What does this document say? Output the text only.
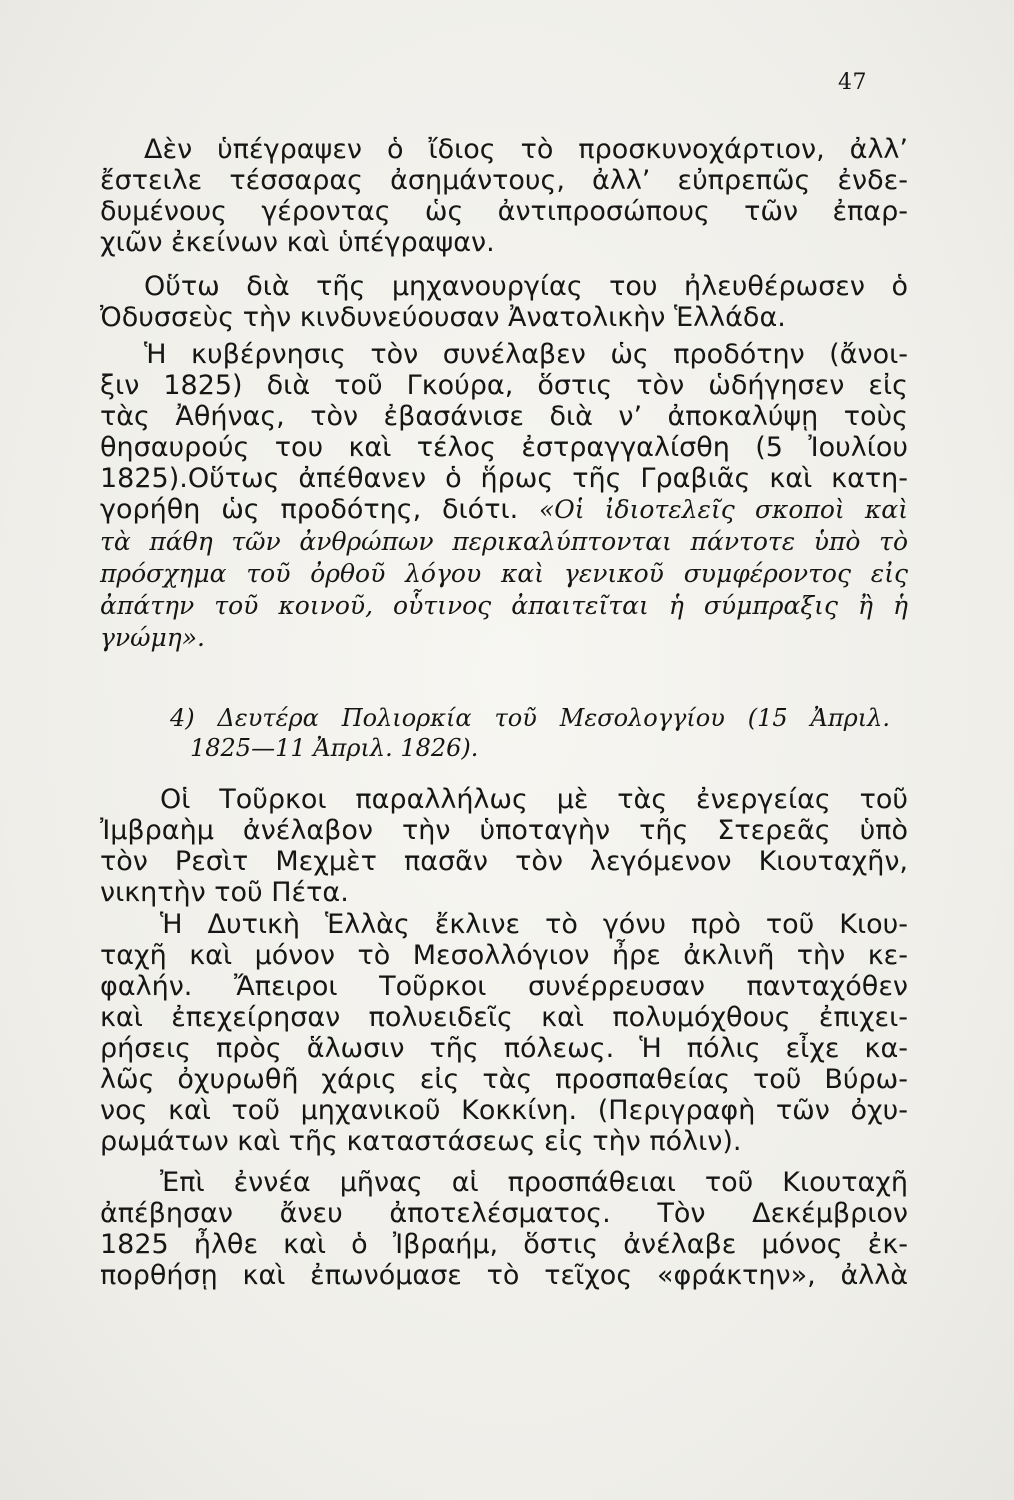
47
Δὲν ὑπέγραψεν ὁ ἴδιος τὸ προσκυνοχάρτιον, ἀλλ’
ἔστειλε τέσσαρας ἀσημάντους, ἀλλ’ εὐπρεπῶς ἐνδε-
δυμένους γέροντας ὡς ἀντιπροσώπους τῶν ἐπαρ-
χιῶν ἐκείνων καὶ ὑπέγραψαν.
Οὕτω διὰ τῆς μηχανουργίας του ἠλευθέρωσεν ὁ
Ὀδυσσεὺς τὴν κινδυνεύουσαν Ἀνατολικὴν Ἑλλάδα.
Ἡ κυβέρνησις τὸν συνέλαβεν ὡς προδότην (ἄνοι-
ξιν 1825) διὰ τοῦ Γκούρα, ὅστις τὸν ὡδήγησεν εἰς
τὰς Ἀθήνας, τὸν ἐβασάνισε διὰ ν’ ἀποκαλύψῃ τοὺς
θησαυρούς του καὶ τέλος ἐστραγγαλίσθη (5 Ἰουλίου
1825).Οὕτως ἀπέθανεν ὁ ἥρως τῆς Γραβιᾶς καὶ κατη-
γορήθη ὡς προδότης, διότι. «Οἱ ἰδιοτελεῖς σκοποὶ καὶ
τὰ πάθη τῶν ἀνθρώπων περικαλύπτονται πάντοτε ὑπὸ τὸ
πρόσχημα τοῦ ὀρθοῦ λόγου καὶ γενικοῦ συμφέροντος εἰς
ἀπάτην τοῦ κοινοῦ, οὗτινος ἀπαιτεῖται ἡ σύμπραξις ἢ ἡ
γνώμη».
4) Δευτέρα Πολιορκία τοῦ Μεσολογγίου (15 Ἀπριλ.
1825—11 Ἀπριλ. 1826).
Οἱ Τοῦρκοι παραλλήλως μὲ τὰς ἐνεργείας τοῦ
Ἰμβραὴμ ἀνέλαβον τὴν ὑποταγὴν τῆς Στερεᾶς ὑπὸ
τὸν Ρεσὶτ Μεχμὲτ πασᾶν τὸν λεγόμενον Κιουταχῆν,
νικητὴν τοῦ Πέτα.
Ἡ Δυτικὴ Ἑλλὰς ἔκλινε τὸ γόνυ πρὸ τοῦ Κιου-
ταχῆ καὶ μόνον τὸ Μεσολλόγιον ἦρε ἀκλινῆ τὴν κε-
φαλήν. Ἄπειροι Τοῦρκοι συνέρρευσαν πανταχόθεν
καὶ ἐπεχείρησαν πολυειδεῖς καὶ πολυμόχθους ἐπιχει-
ρήσεις πρὸς ἅλωσιν τῆς πόλεως. Ἡ πόλις εἶχε κα-
λῶς ὀχυρωθῆ χάρις εἰς τὰς προσπαθείας τοῦ Βύρω-
νος καὶ τοῦ μηχανικοῦ Κοκκίνη. (Περιγραφὴ τῶν ὀχυ-
ρωμάτων καὶ τῆς καταστάσεως εἰς τὴν πόλιν).
Ἐπὶ ἐννέα μῆνας αἱ προσπάθειαι τοῦ Κιουταχῆ
ἀπέβησαν ἄνευ ἀποτελέσματος. Τὸν Δεκέμβριον
1825 ἦλθε καὶ ὁ Ἰβραήμ, ὅστις ἀνέλαβε μόνος ἐκ-
πορθήσῃ καὶ ἐπωνόμασε τὸ τεῖχος «φράκτην», ἀλλὰ
